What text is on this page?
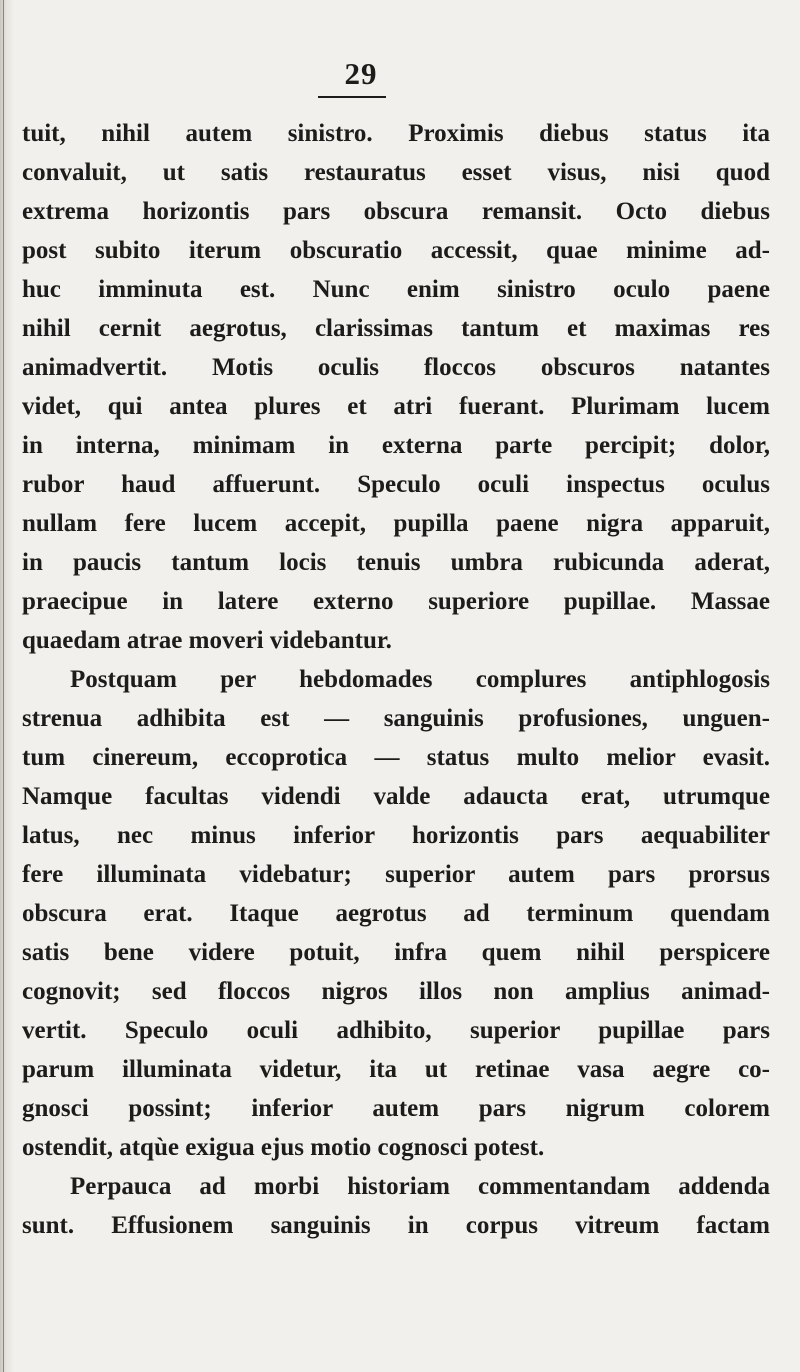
29
tuit, nihil autem sinistro. Proximis diebus status ita
convaluit, ut satis restauratus esset visus, nisi quod
extrema horizontis pars obscura remansit. Octo diebus
post subito iterum obscuratio accessit, quae minime ad-
huc imminuta est. Nunc enim sinistro oculo paene
nihil cernit aegrotus, clarissimas tantum et maximas res
animadvertit. Motis oculis floccos obscuros natantes
videt, qui antea plures et atri fuerant. Plurimam lucem
in interna, minimam in externa parte percipit; dolor,
rubor haud affuerunt. Speculo oculi inspectus oculus
nullam fere lucem accepit, pupilla paene nigra apparuit,
in paucis tantum locis tenuis umbra rubicunda aderat,
praecipue in latere externo superiore pupillae. Massae
quaedam atrae moveri videbantur.
Postquam per hebdomades complures antiphlogosis
strenua adhibita est — sanguinis profusiones, unguen-
tum cinereum, eccoprotica — status multo melior evasit.
Namque facultas videndi valde adaucta erat, utrumque
latus, nec minus inferior horizontis pars aequabiliter
fere illuminata videbatur; superior autem pars prorsus
obscura erat. Itaque aegrotus ad terminum quendam
satis bene videre potuit, infra quem nihil perspicere
cognovit; sed floccos nigros illos non amplius animad-
vertit. Speculo oculi adhibito, superior pupillae pars
parum illuminata videtur, ita ut retinae vasa aegre co-
gnosci possint; inferior autem pars nigrum colorem
ostendit, atqùe exigua ejus motio cognosci potest.
Perpauca ad morbi historiam commentandam addenda
sunt. Effusionem sanguinis in corpus vitreum factam
